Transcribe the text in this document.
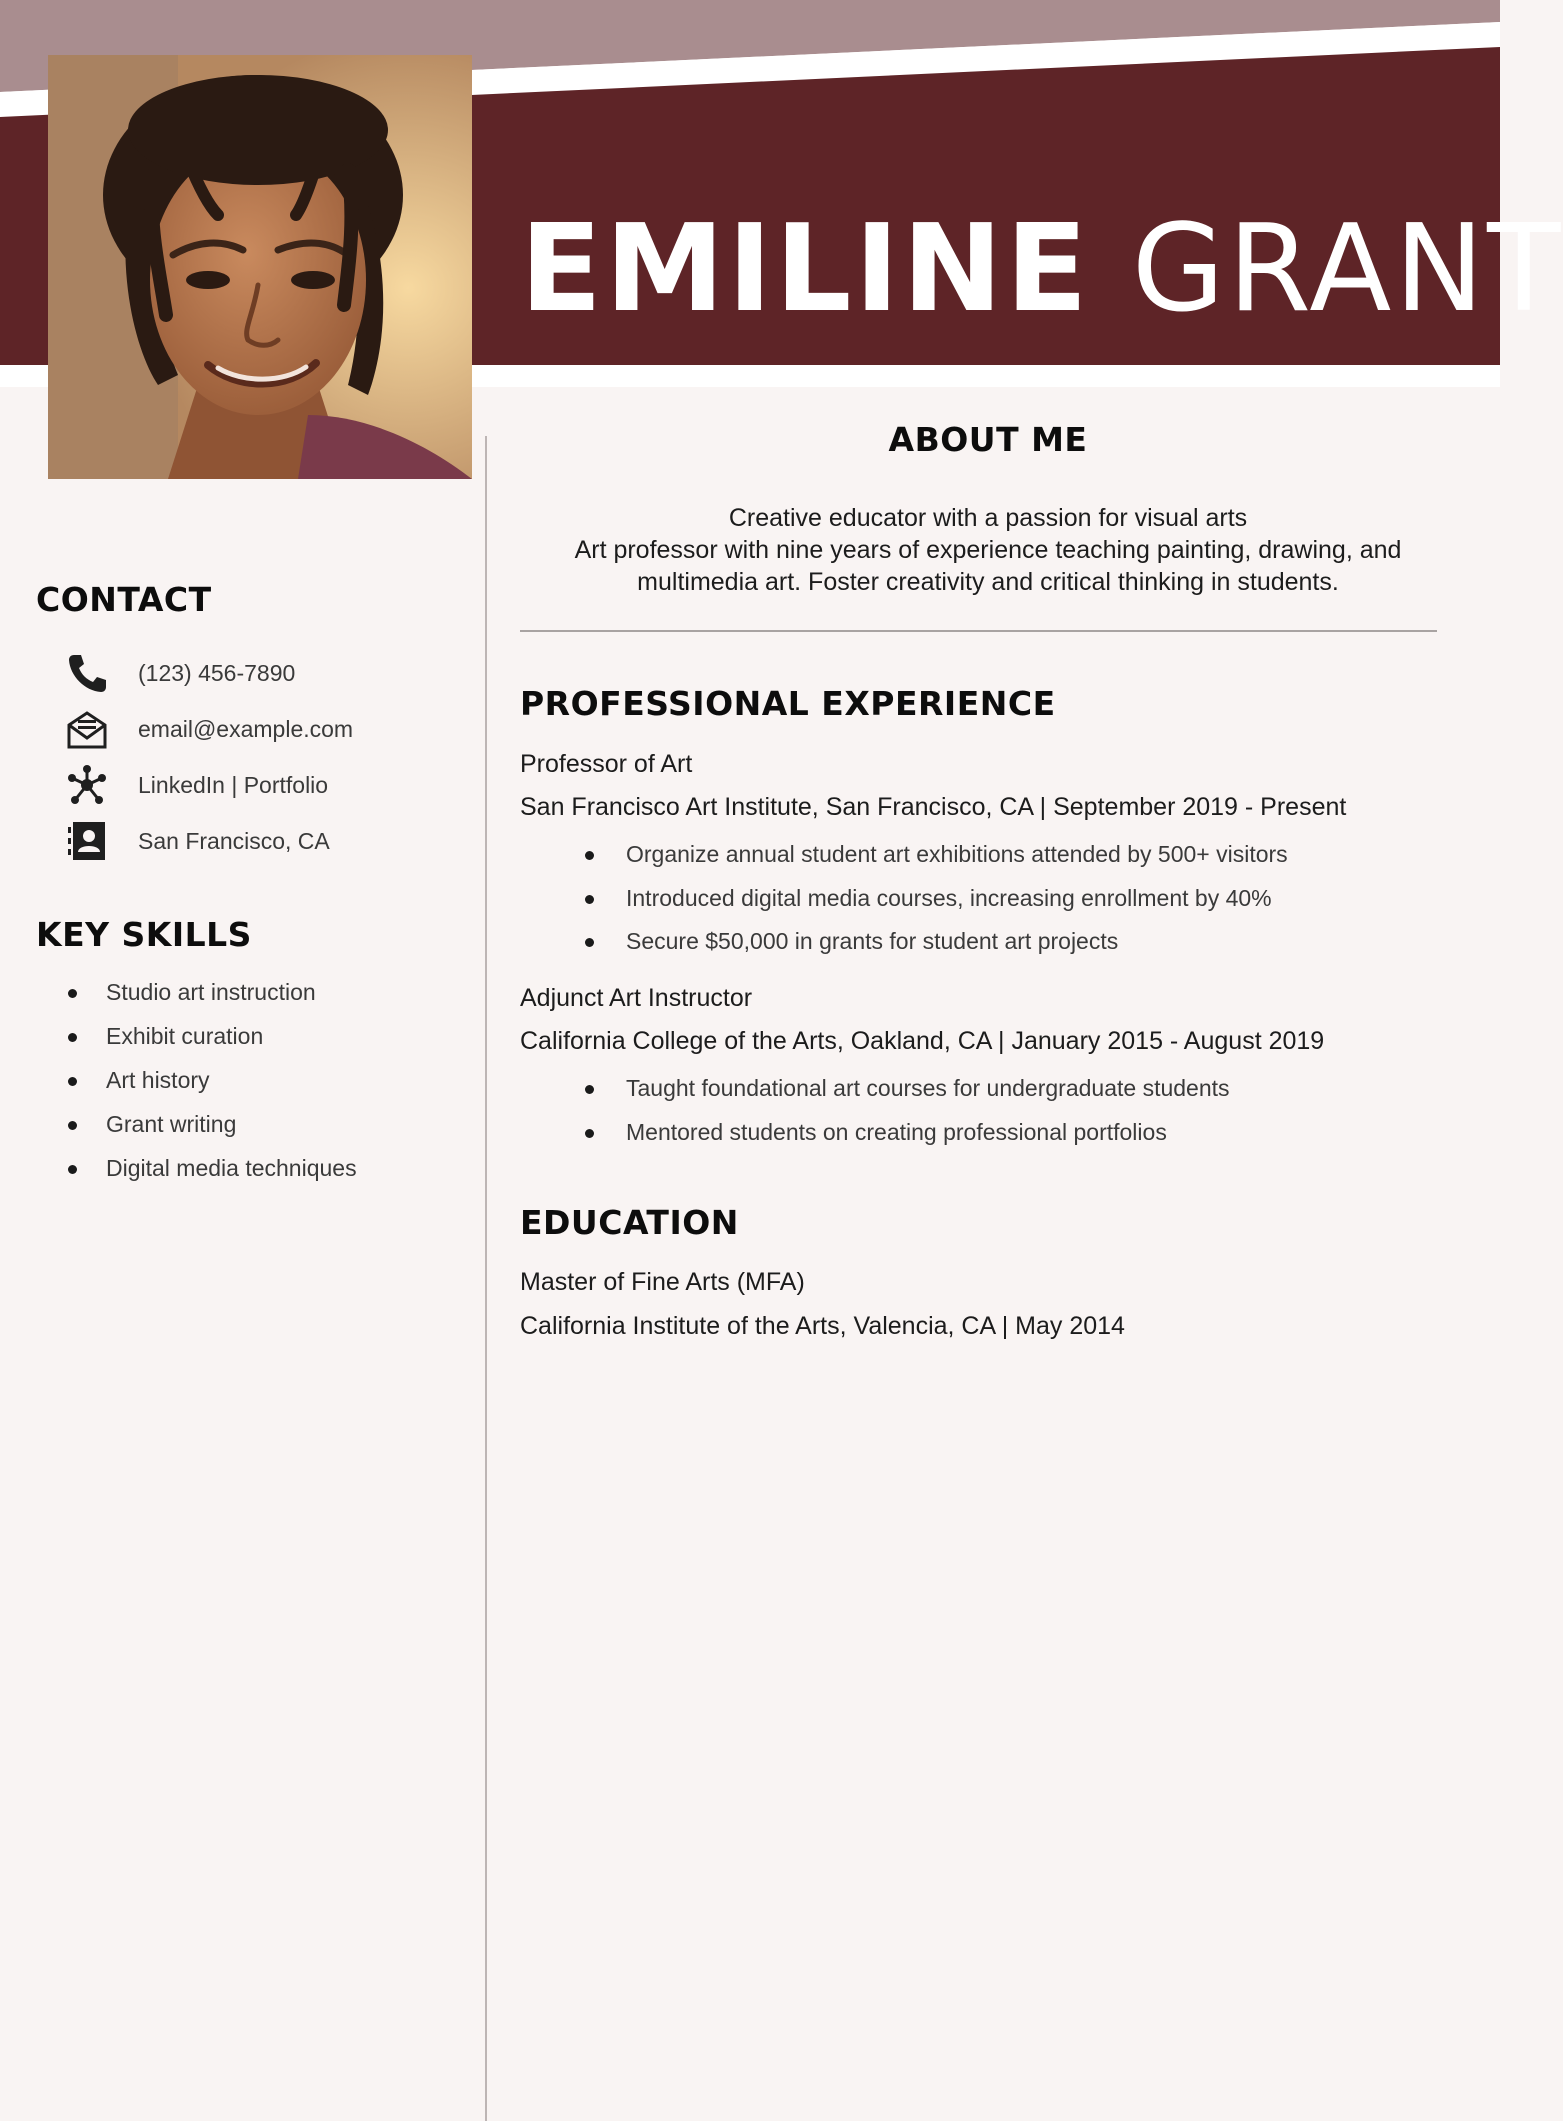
EMILINE GRANT
CONTACT
(123) 456-7890
email@example.com
LinkedIn | Portfolio
San Francisco, CA
KEY SKILLS
Studio art instruction
Exhibit curation
Art history
Grant writing
Digital media techniques
ABOUT ME

Creative educator with a passion for visual arts
Art professor with nine years of experience teaching painting, drawing, and
multimedia art. Foster creativity and critical thinking in students.

PROFESSIONAL EXPERIENCE

Professor of Art

San Francisco Art Institute, San Francisco, CA | September 2019 - Present

Organize annual student art exhibitions attended by 500+ visitors
Introduced digital media courses, increasing enrollment by 40%
Secure $50,000 in grants for student art projects

Adjunct Art Instructor

California College of the Arts, Oakland, CA | January 2015 - August 2019

Taught foundational art courses for undergraduate students
Mentored students on creating professional portfolios
EDUCATION

Master of Fine Arts (MFA)

California Institute of the Arts, Valencia, CA | May 2014
